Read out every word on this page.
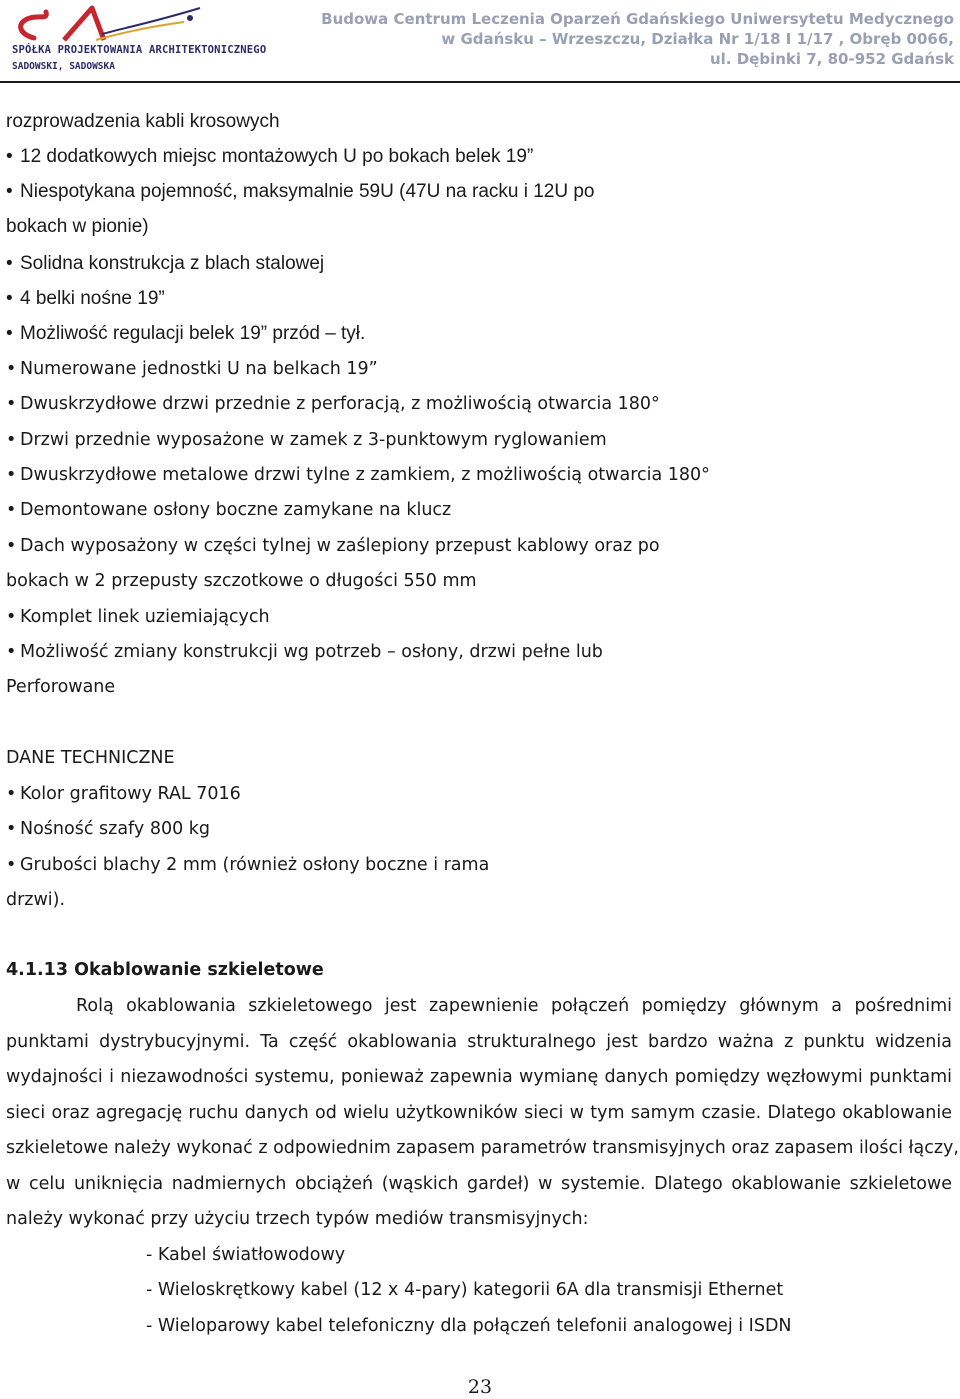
SPÓŁKA PROJEKTOWANIA ARCHITEKTONICZNEGO
SADOWSKI, SADOWSKA
Budowa Centrum Leczenia Oparzeń Gdańskiego Uniwersytetu Medycznego
w Gdańsku – Wrzeszczu, Działka Nr 1/18 I 1/17 , Obręb 0066,
ul. Dębinki 7, 80-952 Gdańsk
rozprowadzenia kabli krosowych
• 12 dodatkowych miejsc montażowych U po bokach belek 19”
• Niespotykana pojemność, maksymalnie 59U (47U na racku i 12U po
bokach w pionie)
• Solidna konstrukcja z blach stalowej
• 4 belki nośne 19”
• Możliwość regulacji belek 19” przód – tył.
• Numerowane jednostki U na belkach 19”
• Dwuskrzydłowe drzwi przednie z perforacją, z możliwością otwarcia 180°
• Drzwi przednie wyposażone w zamek z 3-punktowym ryglowaniem
• Dwuskrzydłowe metalowe drzwi tylne z zamkiem, z możliwością otwarcia 180°
• Demontowane osłony boczne zamykane na klucz
• Dach wyposażony w części tylnej w zaślepiony przepust kablowy oraz po
bokach w 2 przepusty szczotkowe o długości 550 mm
• Komplet linek uziemiających
• Możliwość zmiany konstrukcji wg potrzeb – osłony, drzwi pełne lub
Perforowane
DANE TECHNICZNE
• Kolor grafitowy RAL 7016
• Nośność szafy 800 kg
• Grubości blachy 2 mm (również osłony boczne i rama
drzwi).
4.1.13 Okablowanie szkieletowe
Rolą okablowania szkieletowego jest zapewnienie połączeń pomiędzy głównym a pośrednimi
punktami dystrybucyjnymi. Ta część okablowania strukturalnego jest bardzo ważna z punktu widzenia
wydajności i niezawodności systemu, ponieważ zapewnia wymianę danych pomiędzy węzłowymi punktami
sieci oraz agregację ruchu danych od wielu użytkowników sieci w tym samym czasie. Dlatego okablowanie
szkieletowe należy wykonać z odpowiednim zapasem parametrów transmisyjnych oraz zapasem ilości łączy,
w celu uniknięcia nadmiernych obciążeń (wąskich gardeł) w systemie. Dlatego okablowanie szkieletowe
należy wykonać przy użyciu trzech typów mediów transmisyjnych:
- Kabel światłowodowy
- Wieloskrętkowy kabel (12 x 4-pary) kategorii 6A dla transmisji Ethernet
- Wieloparowy kabel telefoniczny dla połączeń telefonii analogowej i ISDN
23
